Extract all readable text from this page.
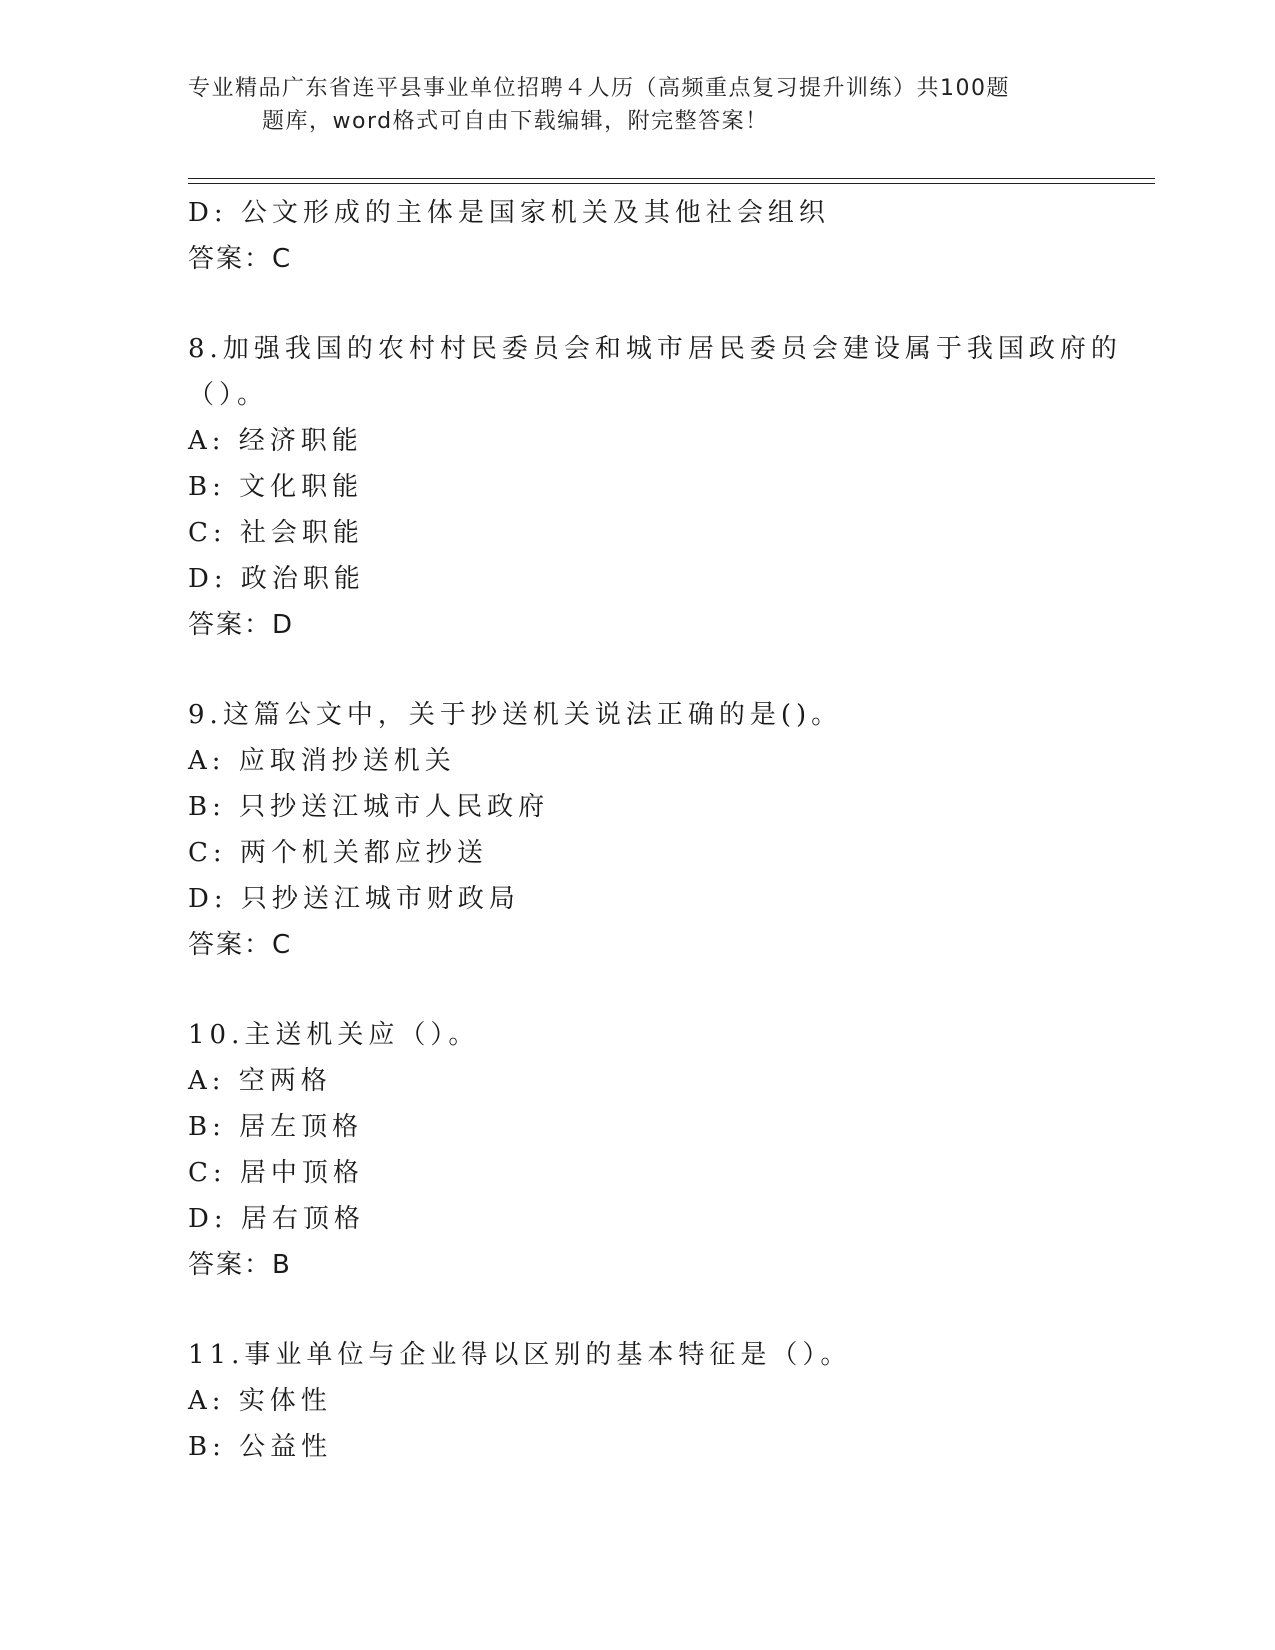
专业精品广东省连平县事业单位招聘４人历（高频重点复习提升训练）共100题
题库，word格式可自由下载编辑，附完整答案！
D: 公文形成的主体是国家机关及其他社会组织
答案：C
8.加强我国的农村村民委员会和城市居民委员会建设属于我国政府的
（）。
A: 经济职能
B: 文化职能
C: 社会职能
D: 政治职能
答案：D
9.这篇公文中，关于抄送机关说法正确的是()。
A: 应取消抄送机关
B: 只抄送江城市人民政府
C: 两个机关都应抄送
D: 只抄送江城市财政局
答案：C
10.主送机关应（）。
A: 空两格
B: 居左顶格
C: 居中顶格
D: 居右顶格
答案：B
11.事业单位与企业得以区别的基本特征是（）。
A: 实体性
B: 公益性
